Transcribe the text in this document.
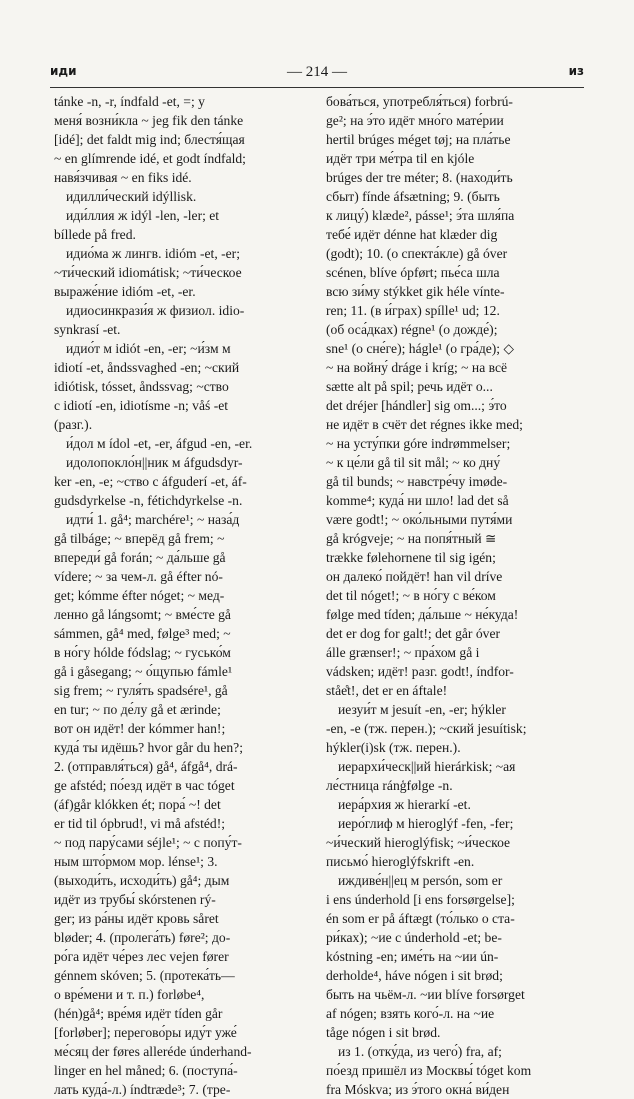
иди	— 214 —	из
tánke -n, -r, índfald -et, =; у
меня́ возни́кла ~ jeg fik den tánke
[idé]; det faldt mig ind; блестя́щая
~ en glímrende idé, et godt índfald;
навя́зчивая ~ en fiks idé.
идилли́ческий idýllisk.
иди́ллия ж idýl -len, -ler; et
bíllede på fred.
идио́ма ж лингв. idióm -et, -er;
~ти́ческий idiomátisk; ~ти́ческое
выраже́ние idióm -et, -er.
идиосинкрази́я ж физиол. idio-
synkrasí -et.
идио́т м idiót -en, -er; ~и́зм м
idiotí -et, åndssvaghed -en; ~ский
idiótisk, tósset, åndssvag; ~ство
с idiotí -en, idiotísme -n; våś -et
(разг.).
и́дол м ídol -et, -er, áfgud -en, -er.
идолопокло́н||ник м áfgudsdyr-
ker -en, -e; ~ство с áfguderí -et, áf-
gudsdyrkelse -n, fétichdyrkelse -n.
идти́ 1. gå⁴; marchére¹; ~ наза́д
gå tilbáge; ~ вперёд gå frem; ~
впереди́ gå forán; ~ да́льше gå
vídere; ~ за чем-л. gå éfter nó-
get; kómme éfter nóget; ~ мед-
ленно gå lángsomt; ~ вме́сте gå
sámmen, gå⁴ med, følge³ med; ~
в но́гу hólde fódslag; ~ гусько́м
gå i gåsegang; ~ о́щупью fámle¹
sig frem; ~ гуля́ть spadsére¹, gå
en tur; ~ по де́лу gå et ærinde;
вот он идёт! der kómmer han!;
куда́ ты идёшь? hvor går du hen?;
2. (отправля́ться) gå⁴, áfgå⁴, drá-
ge afstéd; по́езд идёт в час tóget
(áf)går klókken ét; пора́ ~! det
er tid til ópbrud!, vi må afstéd!;
~ под пару́сами séjle¹; ~ с попу́т-
ным што́рмом мор. lénse¹; 3.
(выходи́ть, исходи́ть) gå⁴; дым
идёт из трубы́ skórstenen rý-
ger; из ра́ны идёт кровь såret
bløder; 4. (пролега́ть) føre²; до-
ро́га идёт че́рез лес vejen fører
génnem skóven; 5. (протека́ть—
о вре́мени и т. п.) forløbe⁴,
(hén)gå⁴; вре́мя идёт tíden går
[forløber]; перегово́ры иду́т уже́
ме́сяц der føres alleréde únderhand-
linger en hel måned; 6. (поступа́-
лать куда́-л.) índtræde³; 7. (тре-
бова́ться, употребля́ться) forbrú-
ge²; на э́то идёт мно́го мате́рии
hertil brúges méget tøj; на пла́тье
идёт три ме́тра til en kjóle
brúges der tre méter; 8. (находи́ть
сбыт) fínde áfsætning; 9. (быть
к лицу́) klæde², pásse¹; э́та шля́па
тебе́ идёт dénne hat klæder dig
(godt); 10. (о спекта́кле) gå óver
scénen, blíve ópført; пье́са шла
всю зи́му stýkket gik héle vínte-
ren; 11. (в и́грах) spílle¹ ud; 12.
(об оса́дках) régne¹ (о дожде́);
sne¹ (о сне́ге); hágle¹ (о гра́де); ◇
~ на войну́ dráge i kríg; ~ на всё
sætte alt på spil; речь идёт о...
det dréjer [hándler] sig om...; э́то
не идёт в счёт det régnes ikke med;
~ на усту́пки góre indrømmelser;
~ к це́ли gå til sit mål; ~ ко дну́
gå til bunds; ~ навстре́чу imøde-
komme⁴; куда́ ни шло! lad det så
være godt!; ~ око́льными путя́ми
gå krógveje; ~ на попя́тный ≅
trække følehornene til sig igén;
он далеко́ пойдёт! han vil dríve
det til nóget!; ~ в но́гу с ве́ком
følge med tíden; да́льше ~ не́куда!
det er dog for galt!; det går óver
álle grænser!; ~ пра́хом gå i
vádsken; идёт! разг. godt!, índfor-
ståe̊t!, det er en áftale!
иезуи́т м jesuít -en, -er; hýkler
-en, -e (тж. перен.); ~ский jesuítisk;
hýkler(i)sk (тж. перен.).
иерархи́ческ||ий hierárkisk; ~ая
ле́стница ránģfølge -n.
иера́рхия ж hierarkí -et.
иеро́глиф м hieroglýf -fen, -fer;
~и́ческий hieroglýfisk; ~и́ческое
письмо́ hieroglýfskrift -en.
иждиве́н||ец м persón, som er
i ens únderhold [i ens forsørgelse];
én som er på áftægt (то́лько о ста-
ри́ках); ~ие с únderhold -et; be-
kóstning -en; име́ть на ~ии ún-
derholde⁴, háve nógen i sit brød;
быть на чьём-л. ~ии blíve forsørget
af nógen; взять кого́-л. на ~ие
tåge nógen i sit brød.
из 1. (отку́да, из чего́) fra, af;
по́езд пришёл из Москвы́ tóget kom
fra Móskva; из э́того окна́ ви́ден
